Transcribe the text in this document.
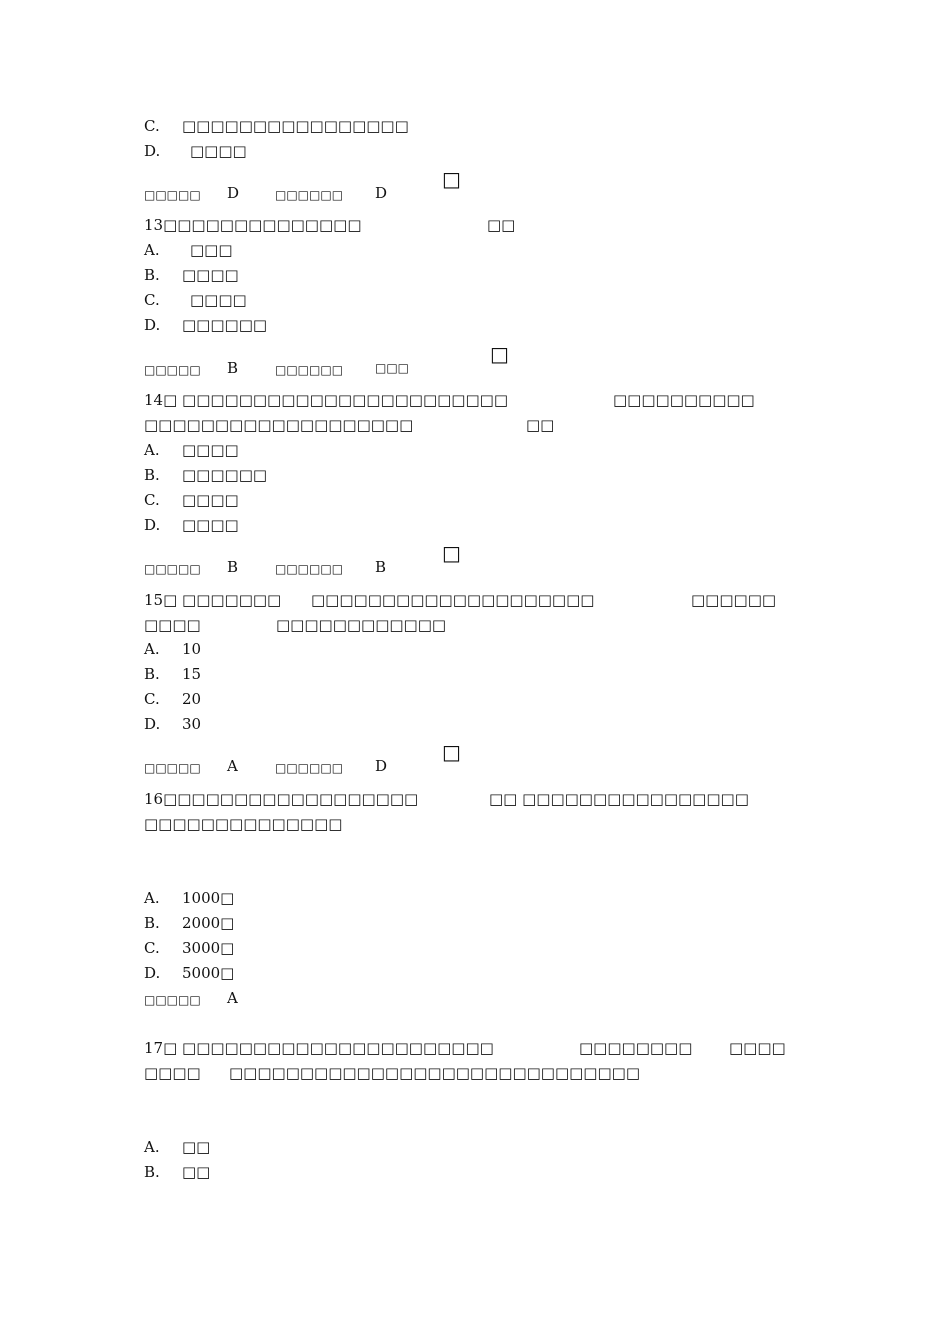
C. □□□□□□□□□□□□□□□□
D. □□□□
□
□□□□□ D	□□□□□□ D
13□□□□□□□□□□□□□□	□□
A. □□□
B. □□□□
C. □□□□
D. □□□□□□
□
□□□□□ B	□□□□□□	□□□
14□ □□□□□□□□□□□□□□□□□□□□□□□	□□□□□□□□□□
□□□□□□□□□□□□□□□□□□□	□□
A. □□□□
B. □□□□□□
C. □□□□
D. □□□□
□
□□□□□ B	□□□□□□ B
15□ □□□□□□□ □□□□□□□□□□□□□□□□□□□□	□□□□□□
□□□□	□□□□□□□□□□□□
A. 10
B. 15
C. 20
D. 30
□
□□□□□ A	□□□□□□ D
16□□□□□□□□□□□□□□□□□□	□□ □□□□□□□□□□□□□□□□
□□□□□□□□□□□□□□
A. 1000□
B. 2000□
C. 3000□
D. 5000□
□□□□□ A
17□ □□□□□□□□□□□□□□□□□□□□□□	□□□□□□□□ □□□□
□□□□ □□□□□□□□□□□□□□□□□□□□□□□□□□□□□
A. □□
B. □□
